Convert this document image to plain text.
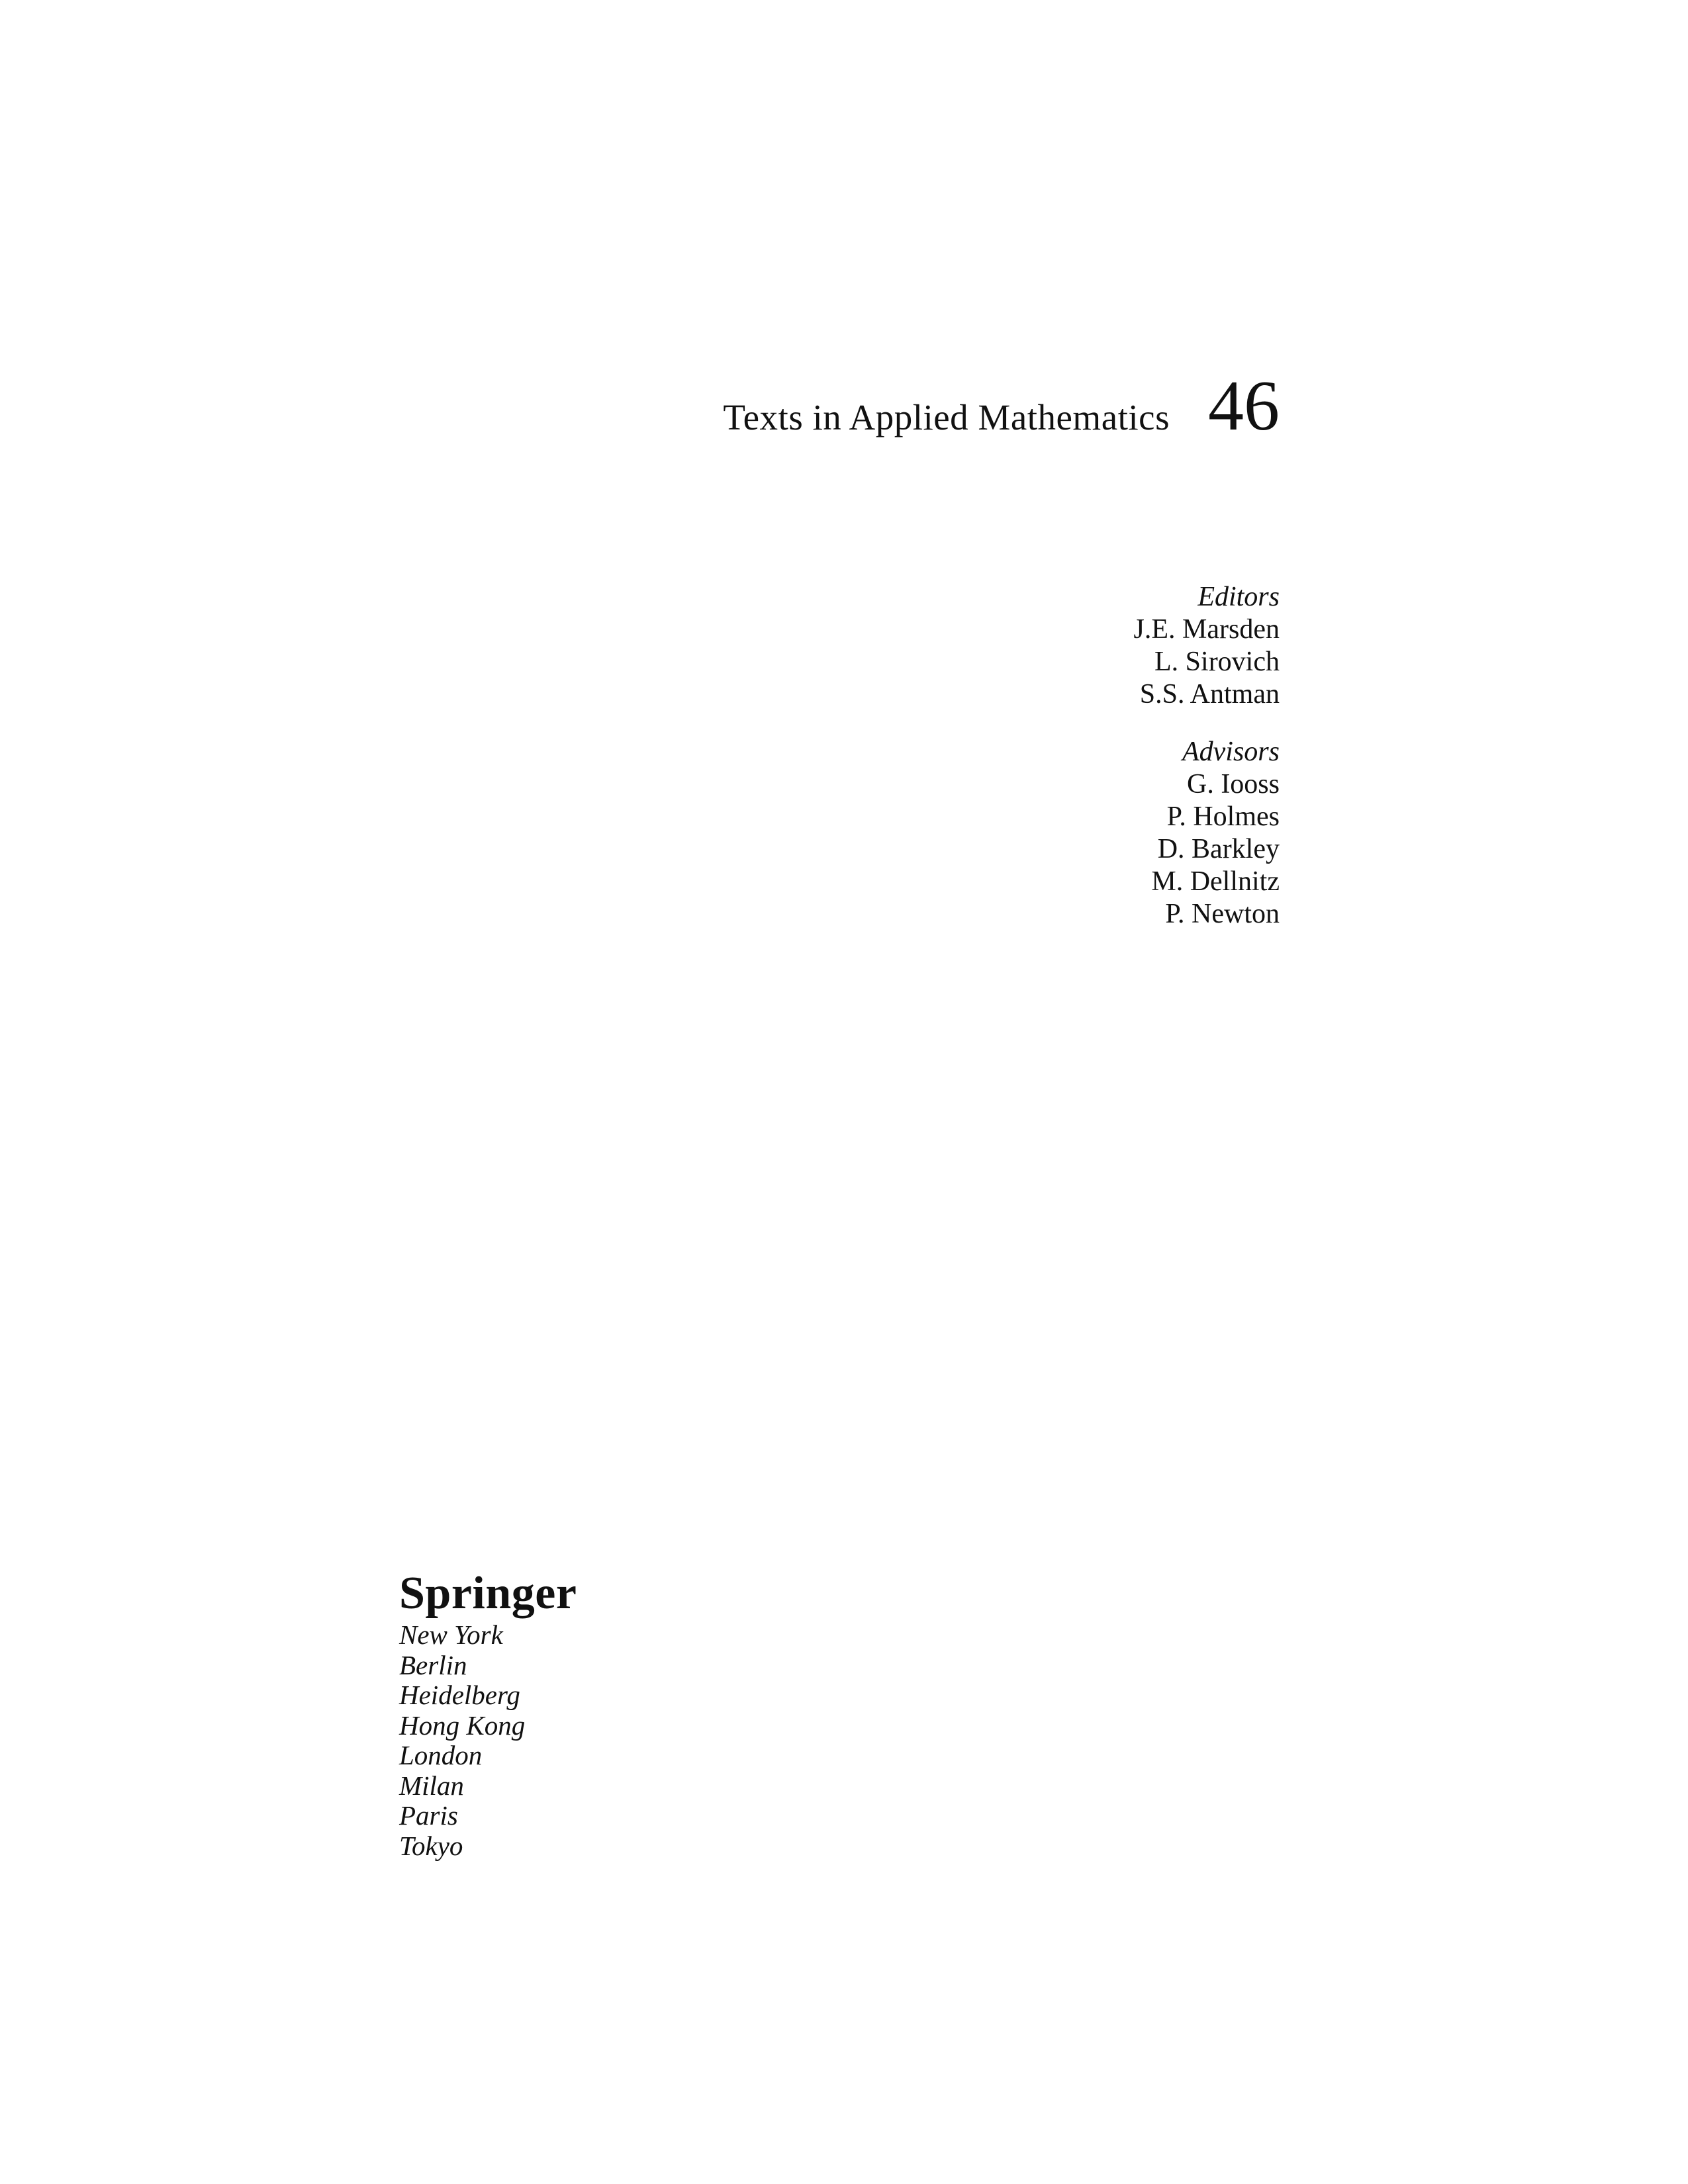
Texts in Applied Mathematics 46
Editors
J.E. Marsden
L. Sirovich
S.S. Antman
Advisors
G. Iooss
P. Holmes
D. Barkley
M. Dellnitz
P. Newton
Springer
New York
Berlin
Heidelberg
Hong Kong
London
Milan
Paris
Tokyo
